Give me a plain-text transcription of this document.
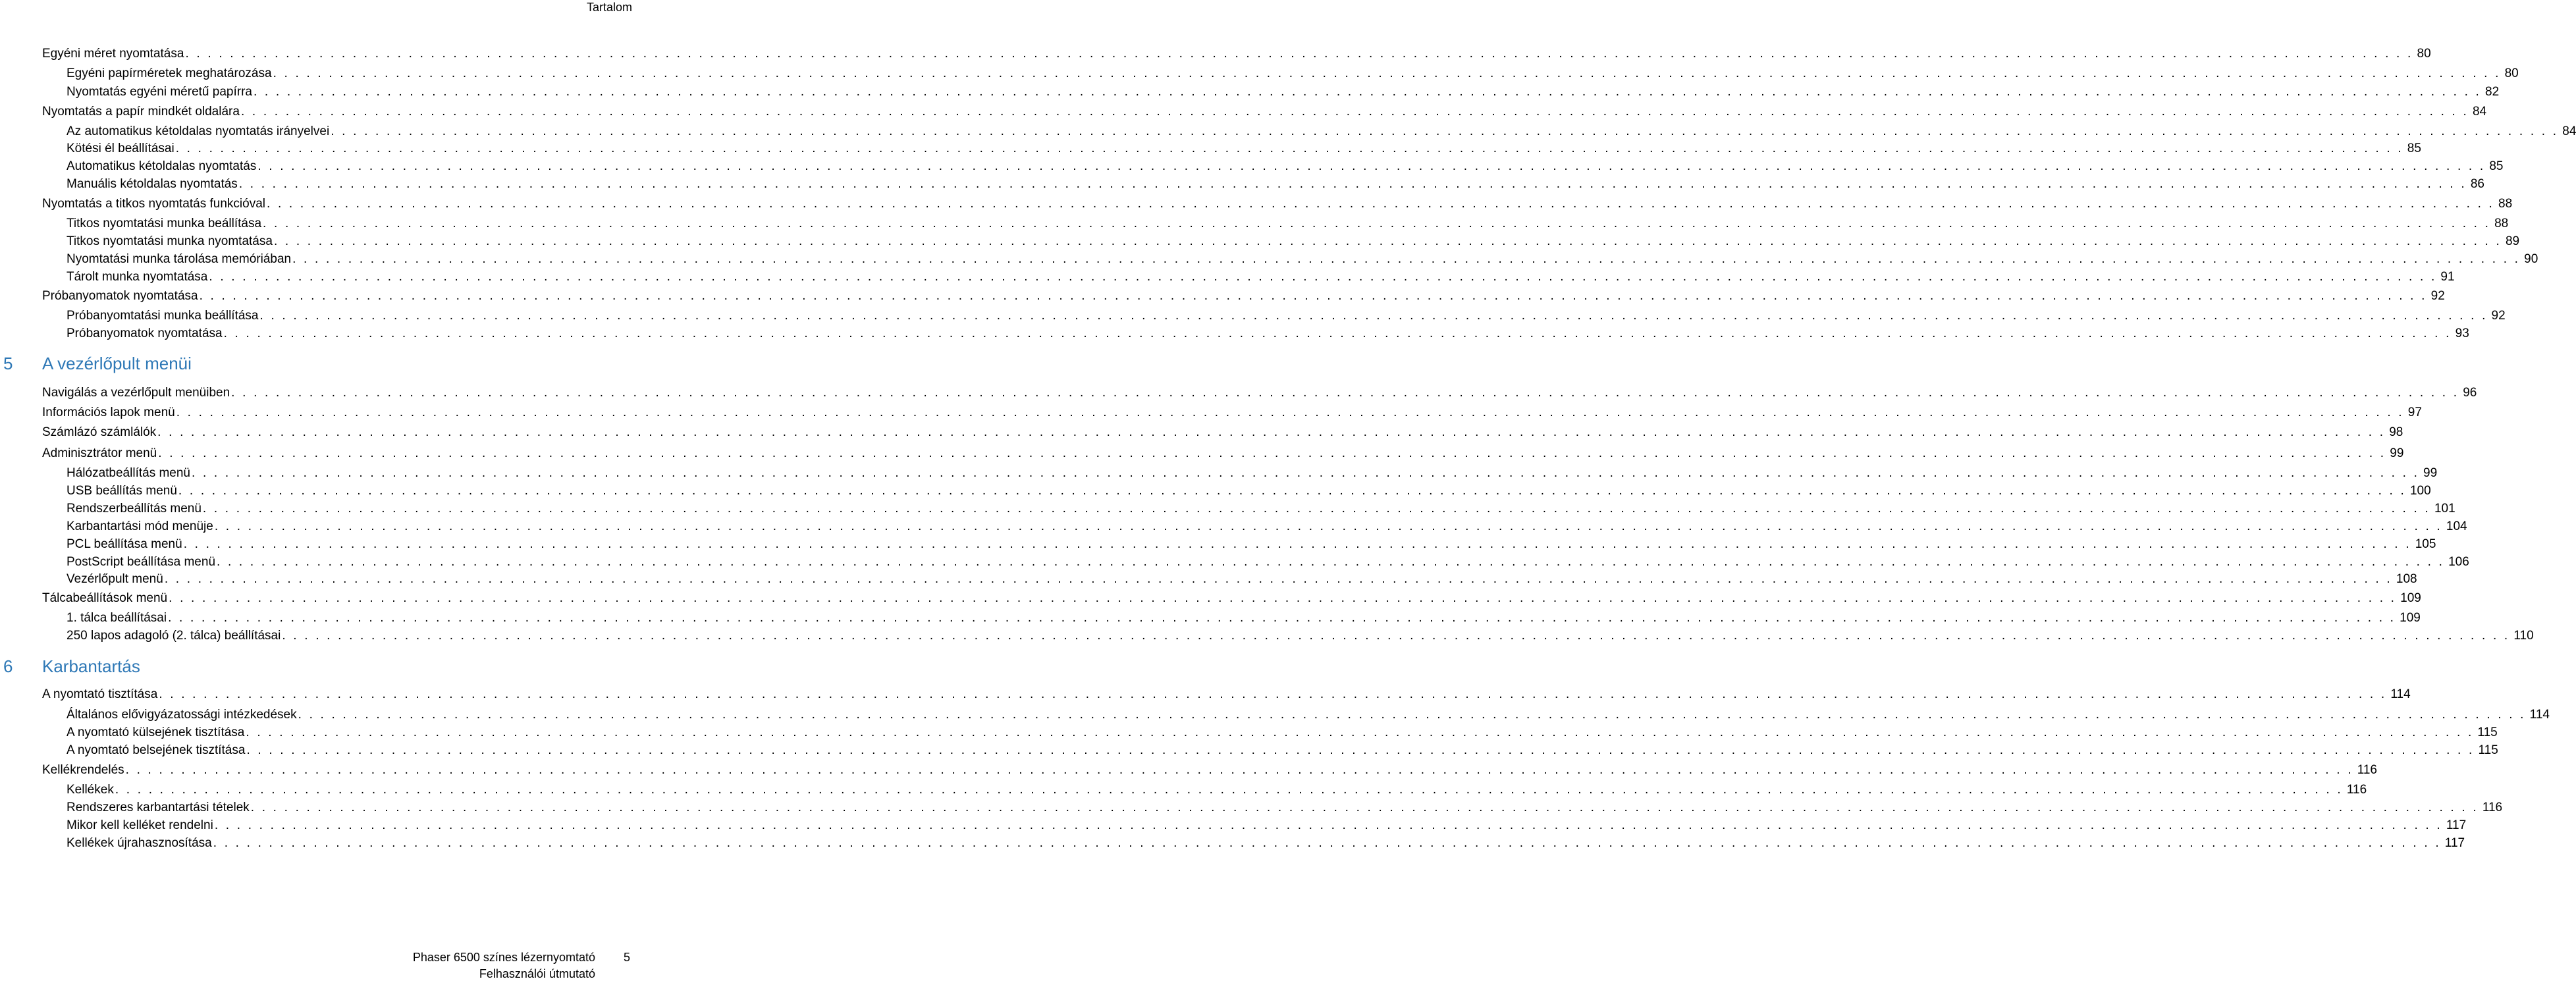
Tartalom
Egyéni méret nyomtatása . . . . . . . . . . . . . . . . . . . . . . . . . . . . . . . . . . . . . . . . . . . . . . . . . . . . . . . . . . . . . . . . . . . . . . . . . . . . . . . . . . . . . . . . . . . . . . . . . . . . . . . . . . . . . . . . . . . . . . . . . . . . . . . . . . . . . . . . . . . . . . . . . . . . . . . . . . . . . . . . . . . . . . . . . . . . . . . . . . . . . . . . . . . . . . . . . . . . . . . . 80
Egyéni papírméretek meghatározása . . . . . . . . . . . . . . . . . . . . . . . . . . . . . . . . . . . . . . . . . . . . . . . . . . . . . . . . . . . . . . . . . . . . . . . . . . . . . . . . . . . . . . . . . . . . . . . . . . . . . . . . . . . . . . . . . . . . . . . . . . . . . . . . . . . . . . . . . . . . . . . . . . . . . . . . . . . . . . . . . . . . . . . . . . . . . . . . . . . . . . . . . . . . . . . . . . . . . . . . 80
Nyomtatás egyéni méretű papírra . . . . . . . . . . . . . . . . . . . . . . . . . . . . . . . . . . . . . . . . . . . . . . . . . . . . . . . . . . . . . . . . . . . . . . . . . . . . . . . . . . . . . . . . . . . . . . . . . . . . . . . . . . . . . . . . . . . . . . . . . . . . . . . . . . . . . . . . . . . . . . . . . . . . . . . . . . . . . . . . . . . . . . . . . . . . . . . . . . . . . . . . . . . . . . . . . . . . . . . . 82
Nyomtatás a papír mindkét oldalára . . . . . . . . . . . . . . . . . . . . . . . . . . . . . . . . . . . . . . . . . . . . . . . . . . . . . . . . . . . . . . . . . . . . . . . . . . . . . . . . . . . . . . . . . . . . . . . . . . . . . . . . . . . . . . . . . . . . . . . . . . . . . . . . . . . . . . . . . . . . . . . . . . . . . . . . . . . . . . . . . . . . . . . . . . . . . . . . . . . . . . . . . . . . . . . . . . . . . . . . 84
Az automatikus kétoldalas nyomtatás irányelvei . . . . . . . . . . . . . . . . . . . . . . . . . . . . . . . . . . . . . . . . . . . . . . . . . . . . . . . . . . . . . . . . . . . . . . . . . . . . . . . . . . . . . . . . . . . . . . . . . . . . . . . . . . . . . . . . . . . . . . . . . . . . . . . . . . . . . . . . . . . . . . . . . . . . . . . . . . . . . . . . . . . . . . . . . . . . . . . . . . . . . . . . . . . . . . . . . . . . . . . . 84
Kötési él beállításai . . . . . . . . . . . . . . . . . . . . . . . . . . . . . . . . . . . . . . . . . . . . . . . . . . . . . . . . . . . . . . . . . . . . . . . . . . . . . . . . . . . . . . . . . . . . . . . . . . . . . . . . . . . . . . . . . . . . . . . . . . . . . . . . . . . . . . . . . . . . . . . . . . . . . . . . . . . . . . . . . . . . . . . . . . . . . . . . . . . . . . . . . . . . . . . . . . . . . . . . 85
Automatikus kétoldalas nyomtatás . . . . . . . . . . . . . . . . . . . . . . . . . . . . . . . . . . . . . . . . . . . . . . . . . . . . . . . . . . . . . . . . . . . . . . . . . . . . . . . . . . . . . . . . . . . . . . . . . . . . . . . . . . . . . . . . . . . . . . . . . . . . . . . . . . . . . . . . . . . . . . . . . . . . . . . . . . . . . . . . . . . . . . . . . . . . . . . . . . . . . . . . . . . . . . . . . . . . . . . . 85
Manuális kétoldalas nyomtatás . . . . . . . . . . . . . . . . . . . . . . . . . . . . . . . . . . . . . . . . . . . . . . . . . . . . . . . . . . . . . . . . . . . . . . . . . . . . . . . . . . . . . . . . . . . . . . . . . . . . . . . . . . . . . . . . . . . . . . . . . . . . . . . . . . . . . . . . . . . . . . . . . . . . . . . . . . . . . . . . . . . . . . . . . . . . . . . . . . . . . . . . . . . . . . . . . . . . . . . . 86
Nyomtatás a titkos nyomtatás funkcióval . . . . . . . . . . . . . . . . . . . . . . . . . . . . . . . . . . . . . . . . . . . . . . . . . . . . . . . . . . . . . . . . . . . . . . . . . . . . . . . . . . . . . . . . . . . . . . . . . . . . . . . . . . . . . . . . . . . . . . . . . . . . . . . . . . . . . . . . . . . . . . . . . . . . . . . . . . . . . . . . . . . . . . . . . . . . . . . . . . . . . . . . . . . . . . . . . . . . . . . . 88
Titkos nyomtatási munka beállítása . . . . . . . . . . . . . . . . . . . . . . . . . . . . . . . . . . . . . . . . . . . . . . . . . . . . . . . . . . . . . . . . . . . . . . . . . . . . . . . . . . . . . . . . . . . . . . . . . . . . . . . . . . . . . . . . . . . . . . . . . . . . . . . . . . . . . . . . . . . . . . . . . . . . . . . . . . . . . . . . . . . . . . . . . . . . . . . . . . . . . . . . . . . . . . . . . . . . . . . . 88
Titkos nyomtatási munka nyomtatása . . . . . . . . . . . . . . . . . . . . . . . . . . . . . . . . . . . . . . . . . . . . . . . . . . . . . . . . . . . . . . . . . . . . . . . . . . . . . . . . . . . . . . . . . . . . . . . . . . . . . . . . . . . . . . . . . . . . . . . . . . . . . . . . . . . . . . . . . . . . . . . . . . . . . . . . . . . . . . . . . . . . . . . . . . . . . . . . . . . . . . . . . . . . . . . . . . . . . . . . 89
Nyomtatási munka tárolása memóriában . . . . . . . . . . . . . . . . . . . . . . . . . . . . . . . . . . . . . . . . . . . . . . . . . . . . . . . . . . . . . . . . . . . . . . . . . . . . . . . . . . . . . . . . . . . . . . . . . . . . . . . . . . . . . . . . . . . . . . . . . . . . . . . . . . . . . . . . . . . . . . . . . . . . . . . . . . . . . . . . . . . . . . . . . . . . . . . . . . . . . . . . . . . . . . . . . . . . . . . . 90
Tárolt munka nyomtatása . . . . . . . . . . . . . . . . . . . . . . . . . . . . . . . . . . . . . . . . . . . . . . . . . . . . . . . . . . . . . . . . . . . . . . . . . . . . . . . . . . . . . . . . . . . . . . . . . . . . . . . . . . . . . . . . . . . . . . . . . . . . . . . . . . . . . . . . . . . . . . . . . . . . . . . . . . . . . . . . . . . . . . . . . . . . . . . . . . . . . . . . . . . . . . . . . . . . . . . . 91
Próbanyomatok nyomtatása . . . . . . . . . . . . . . . . . . . . . . . . . . . . . . . . . . . . . . . . . . . . . . . . . . . . . . . . . . . . . . . . . . . . . . . . . . . . . . . . . . . . . . . . . . . . . . . . . . . . . . . . . . . . . . . . . . . . . . . . . . . . . . . . . . . . . . . . . . . . . . . . . . . . . . . . . . . . . . . . . . . . . . . . . . . . . . . . . . . . . . . . . . . . . . . . . . . . . . . . 92
Próbanyomtatási munka beállítása . . . . . . . . . . . . . . . . . . . . . . . . . . . . . . . . . . . . . . . . . . . . . . . . . . . . . . . . . . . . . . . . . . . . . . . . . . . . . . . . . . . . . . . . . . . . . . . . . . . . . . . . . . . . . . . . . . . . . . . . . . . . . . . . . . . . . . . . . . . . . . . . . . . . . . . . . . . . . . . . . . . . . . . . . . . . . . . . . . . . . . . . . . . . . . . . . . . . . . . . 92
Próbanyomatok nyomtatása . . . . . . . . . . . . . . . . . . . . . . . . . . . . . . . . . . . . . . . . . . . . . . . . . . . . . . . . . . . . . . . . . . . . . . . . . . . . . . . . . . . . . . . . . . . . . . . . . . . . . . . . . . . . . . . . . . . . . . . . . . . . . . . . . . . . . . . . . . . . . . . . . . . . . . . . . . . . . . . . . . . . . . . . . . . . . . . . . . . . . . . . . . . . . . . . . . . . . . . . 93
5	A vezérlőpult menüi
Navigálás a vezérlőpult menüiben . . . . . . . . . . . . . . . . . . . . . . . . . . . . . . . . . . . . . . . . . . . . . . . . . . . . . . . . . . . . . . . . . . . . . . . . . . . . . . . . . . . . . . . . . . . . . . . . . . . . . . . . . . . . . . . . . . . . . . . . . . . . . . . . . . . . . . . . . . . . . . . . . . . . . . . . . . . . . . . . . . . . . . . . . . . . . . . . . . . . . . . . . . . . . . . . . . . . . . . . 96
Információs lapok menü . . . . . . . . . . . . . . . . . . . . . . . . . . . . . . . . . . . . . . . . . . . . . . . . . . . . . . . . . . . . . . . . . . . . . . . . . . . . . . . . . . . . . . . . . . . . . . . . . . . . . . . . . . . . . . . . . . . . . . . . . . . . . . . . . . . . . . . . . . . . . . . . . . . . . . . . . . . . . . . . . . . . . . . . . . . . . . . . . . . . . . . . . . . . . . . . . . . . . . . . 97
Számlázó számlálók . . . . . . . . . . . . . . . . . . . . . . . . . . . . . . . . . . . . . . . . . . . . . . . . . . . . . . . . . . . . . . . . . . . . . . . . . . . . . . . . . . . . . . . . . . . . . . . . . . . . . . . . . . . . . . . . . . . . . . . . . . . . . . . . . . . . . . . . . . . . . . . . . . . . . . . . . . . . . . . . . . . . . . . . . . . . . . . . . . . . . . . . . . . . . . . . . . . . . . . . 98
Adminisztrátor menü . . . . . . . . . . . . . . . . . . . . . . . . . . . . . . . . . . . . . . . . . . . . . . . . . . . . . . . . . . . . . . . . . . . . . . . . . . . . . . . . . . . . . . . . . . . . . . . . . . . . . . . . . . . . . . . . . . . . . . . . . . . . . . . . . . . . . . . . . . . . . . . . . . . . . . . . . . . . . . . . . . . . . . . . . . . . . . . . . . . . . . . . . . . . . . . . . . . . . . . . 99
Hálózatbeállítás menü . . . . . . . . . . . . . . . . . . . . . . . . . . . . . . . . . . . . . . . . . . . . . . . . . . . . . . . . . . . . . . . . . . . . . . . . . . . . . . . . . . . . . . . . . . . . . . . . . . . . . . . . . . . . . . . . . . . . . . . . . . . . . . . . . . . . . . . . . . . . . . . . . . . . . . . . . . . . . . . . . . . . . . . . . . . . . . . . . . . . . . . . . . . . . . . . . . . . . . . . 99
USB beállítás menü . . . . . . . . . . . . . . . . . . . . . . . . . . . . . . . . . . . . . . . . . . . . . . . . . . . . . . . . . . . . . . . . . . . . . . . . . . . . . . . . . . . . . . . . . . . . . . . . . . . . . . . . . . . . . . . . . . . . . . . . . . . . . . . . . . . . . . . . . . . . . . . . . . . . . . . . . . . . . . . . . . . . . . . . . . . . . . . . . . . . . . . . . . . . . . . . . . . . . . . . 100
Rendszerbeállítás menü . . . . . . . . . . . . . . . . . . . . . . . . . . . . . . . . . . . . . . . . . . . . . . . . . . . . . . . . . . . . . . . . . . . . . . . . . . . . . . . . . . . . . . . . . . . . . . . . . . . . . . . . . . . . . . . . . . . . . . . . . . . . . . . . . . . . . . . . . . . . . . . . . . . . . . . . . . . . . . . . . . . . . . . . . . . . . . . . . . . . . . . . . . . . . . . . . . . . . . . . 101
Karbantartási mód menüje . . . . . . . . . . . . . . . . . . . . . . . . . . . . . . . . . . . . . . . . . . . . . . . . . . . . . . . . . . . . . . . . . . . . . . . . . . . . . . . . . . . . . . . . . . . . . . . . . . . . . . . . . . . . . . . . . . . . . . . . . . . . . . . . . . . . . . . . . . . . . . . . . . . . . . . . . . . . . . . . . . . . . . . . . . . . . . . . . . . . . . . . . . . . . . . . . . . . . . . . 104
PCL beállítása menü . . . . . . . . . . . . . . . . . . . . . . . . . . . . . . . . . . . . . . . . . . . . . . . . . . . . . . . . . . . . . . . . . . . . . . . . . . . . . . . . . . . . . . . . . . . . . . . . . . . . . . . . . . . . . . . . . . . . . . . . . . . . . . . . . . . . . . . . . . . . . . . . . . . . . . . . . . . . . . . . . . . . . . . . . . . . . . . . . . . . . . . . . . . . . . . . . . . . . . . . 105
PostScript beállítása menü . . . . . . . . . . . . . . . . . . . . . . . . . . . . . . . . . . . . . . . . . . . . . . . . . . . . . . . . . . . . . . . . . . . . . . . . . . . . . . . . . . . . . . . . . . . . . . . . . . . . . . . . . . . . . . . . . . . . . . . . . . . . . . . . . . . . . . . . . . . . . . . . . . . . . . . . . . . . . . . . . . . . . . . . . . . . . . . . . . . . . . . . . . . . . . . . . . . . . . . . 106
Vezérlőpult menü . . . . . . . . . . . . . . . . . . . . . . . . . . . . . . . . . . . . . . . . . . . . . . . . . . . . . . . . . . . . . . . . . . . . . . . . . . . . . . . . . . . . . . . . . . . . . . . . . . . . . . . . . . . . . . . . . . . . . . . . . . . . . . . . . . . . . . . . . . . . . . . . . . . . . . . . . . . . . . . . . . . . . . . . . . . . . . . . . . . . . . . . . . . . . . . . . . . . . . . . 108
Tálcabeállítások menü . . . . . . . . . . . . . . . . . . . . . . . . . . . . . . . . . . . . . . . . . . . . . . . . . . . . . . . . . . . . . . . . . . . . . . . . . . . . . . . . . . . . . . . . . . . . . . . . . . . . . . . . . . . . . . . . . . . . . . . . . . . . . . . . . . . . . . . . . . . . . . . . . . . . . . . . . . . . . . . . . . . . . . . . . . . . . . . . . . . . . . . . . . . . . . . . . . . . . . . . 109
1. tálca beállításai . . . . . . . . . . . . . . . . . . . . . . . . . . . . . . . . . . . . . . . . . . . . . . . . . . . . . . . . . . . . . . . . . . . . . . . . . . . . . . . . . . . . . . . . . . . . . . . . . . . . . . . . . . . . . . . . . . . . . . . . . . . . . . . . . . . . . . . . . . . . . . . . . . . . . . . . . . . . . . . . . . . . . . . . . . . . . . . . . . . . . . . . . . . . . . . . . . . . . . . . 109
250 lapos adagoló (2. tálca) beállításai . . . . . . . . . . . . . . . . . . . . . . . . . . . . . . . . . . . . . . . . . . . . . . . . . . . . . . . . . . . . . . . . . . . . . . . . . . . . . . . . . . . . . . . . . . . . . . . . . . . . . . . . . . . . . . . . . . . . . . . . . . . . . . . . . . . . . . . . . . . . . . . . . . . . . . . . . . . . . . . . . . . . . . . . . . . . . . . . . . . . . . . . . . . . . . . . . . . . . . . . 110
6	Karbantartás
A nyomtató tisztítása . . . . . . . . . . . . . . . . . . . . . . . . . . . . . . . . . . . . . . . . . . . . . . . . . . . . . . . . . . . . . . . . . . . . . . . . . . . . . . . . . . . . . . . . . . . . . . . . . . . . . . . . . . . . . . . . . . . . . . . . . . . . . . . . . . . . . . . . . . . . . . . . . . . . . . . . . . . . . . . . . . . . . . . . . . . . . . . . . . . . . . . . . . . . . . . . . . . . . . . . 114
Általános elővigyázatossági intézkedések . . . . . . . . . . . . . . . . . . . . . . . . . . . . . . . . . . . . . . . . . . . . . . . . . . . . . . . . . . . . . . . . . . . . . . . . . . . . . . . . . . . . . . . . . . . . . . . . . . . . . . . . . . . . . . . . . . . . . . . . . . . . . . . . . . . . . . . . . . . . . . . . . . . . . . . . . . . . . . . . . . . . . . . . . . . . . . . . . . . . . . . . . . . . . . . . . . . . . . . . 114
A nyomtató külsejének tisztítása . . . . . . . . . . . . . . . . . . . . . . . . . . . . . . . . . . . . . . . . . . . . . . . . . . . . . . . . . . . . . . . . . . . . . . . . . . . . . . . . . . . . . . . . . . . . . . . . . . . . . . . . . . . . . . . . . . . . . . . . . . . . . . . . . . . . . . . . . . . . . . . . . . . . . . . . . . . . . . . . . . . . . . . . . . . . . . . . . . . . . . . . . . . . . . . . . . . . . . . . 115
A nyomtató belsejének tisztítása . . . . . . . . . . . . . . . . . . . . . . . . . . . . . . . . . . . . . . . . . . . . . . . . . . . . . . . . . . . . . . . . . . . . . . . . . . . . . . . . . . . . . . . . . . . . . . . . . . . . . . . . . . . . . . . . . . . . . . . . . . . . . . . . . . . . . . . . . . . . . . . . . . . . . . . . . . . . . . . . . . . . . . . . . . . . . . . . . . . . . . . . . . . . . . . . . . . . . . . . 115
Kellékrendelés . . . . . . . . . . . . . . . . . . . . . . . . . . . . . . . . . . . . . . . . . . . . . . . . . . . . . . . . . . . . . . . . . . . . . . . . . . . . . . . . . . . . . . . . . . . . . . . . . . . . . . . . . . . . . . . . . . . . . . . . . . . . . . . . . . . . . . . . . . . . . . . . . . . . . . . . . . . . . . . . . . . . . . . . . . . . . . . . . . . . . . . . . . . . . . . . . . . . . . . . 116
Kellékek . . . . . . . . . . . . . . . . . . . . . . . . . . . . . . . . . . . . . . . . . . . . . . . . . . . . . . . . . . . . . . . . . . . . . . . . . . . . . . . . . . . . . . . . . . . . . . . . . . . . . . . . . . . . . . . . . . . . . . . . . . . . . . . . . . . . . . . . . . . . . . . . . . . . . . . . . . . . . . . . . . . . . . . . . . . . . . . . . . . . . . . . . . . . . . . . . . . . . . . . 116
Rendszeres karbantartási tételek . . . . . . . . . . . . . . . . . . . . . . . . . . . . . . . . . . . . . . . . . . . . . . . . . . . . . . . . . . . . . . . . . . . . . . . . . . . . . . . . . . . . . . . . . . . . . . . . . . . . . . . . . . . . . . . . . . . . . . . . . . . . . . . . . . . . . . . . . . . . . . . . . . . . . . . . . . . . . . . . . . . . . . . . . . . . . . . . . . . . . . . . . . . . . . . . . . . . . . . . 116
Mikor kell kelléket rendelni . . . . . . . . . . . . . . . . . . . . . . . . . . . . . . . . . . . . . . . . . . . . . . . . . . . . . . . . . . . . . . . . . . . . . . . . . . . . . . . . . . . . . . . . . . . . . . . . . . . . . . . . . . . . . . . . . . . . . . . . . . . . . . . . . . . . . . . . . . . . . . . . . . . . . . . . . . . . . . . . . . . . . . . . . . . . . . . . . . . . . . . . . . . . . . . . . . . . . . . . 117
Kellékek újrahasznosítása . . . . . . . . . . . . . . . . . . . . . . . . . . . . . . . . . . . . . . . . . . . . . . . . . . . . . . . . . . . . . . . . . . . . . . . . . . . . . . . . . . . . . . . . . . . . . . . . . . . . . . . . . . . . . . . . . . . . . . . . . . . . . . . . . . . . . . . . . . . . . . . . . . . . . . . . . . . . . . . . . . . . . . . . . . . . . . . . . . . . . . . . . . . . . . . . . . . . . . . . 117
Phaser 6500 színes lézernyomtató
Felhasználói útmutató
5
